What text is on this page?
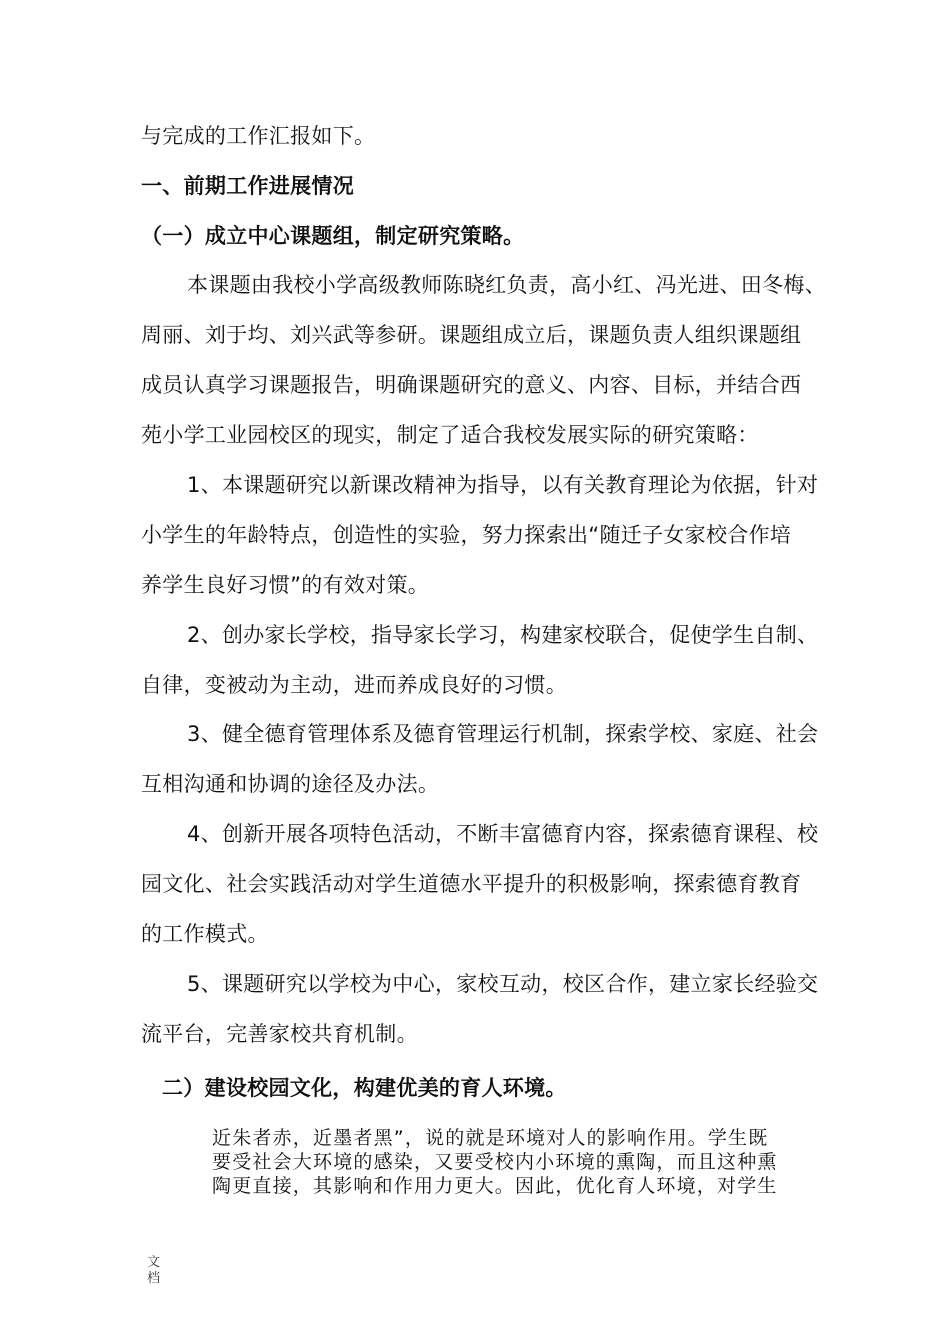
与完成的工作汇报如下。
一、前期工作进展情况
（一）成立中心课题组，制定研究策略。
本课题由我校小学高级教师陈晓红负责，高小红、冯光进、田冬梅、
周丽、刘于均、刘兴武等参研。课题组成立后，课题负责人组织课题组
成员认真学习课题报告，明确课题研究的意义、内容、目标，并结合西
苑小学工业园校区的现实，制定了适合我校发展实际的研究策略：
1、本课题研究以新课改精神为指导，以有关教育理论为依据，针对
小学生的年龄特点，创造性的实验，努力探索出“随迁子女家校合作培
养学生良好习惯”的有效对策。
2、创办家长学校，指导家长学习，构建家校联合，促使学生自制、
自律，变被动为主动，进而养成良好的习惯。
3、健全德育管理体系及德育管理运行机制，探索学校、家庭、社会
互相沟通和协调的途径及办法。
4、创新开展各项特色活动，不断丰富德育内容，探索德育课程、校
园文化、社会实践活动对学生道德水平提升的积极影响，探索德育教育
的工作模式。
5、课题研究以学校为中心，家校互动，校区合作，建立家长经验交
流平台，完善家校共育机制。
二）建设校园文化，构建优美的育人环境。
近朱者赤，近墨者黑”，说的就是环境对人的影响作用。学生既
要受社会大环境的感染，又要受校内小环境的熏陶，而且这种熏
陶更直接，其影响和作用力更大。因此，优化育人环境，对学生
文
档
